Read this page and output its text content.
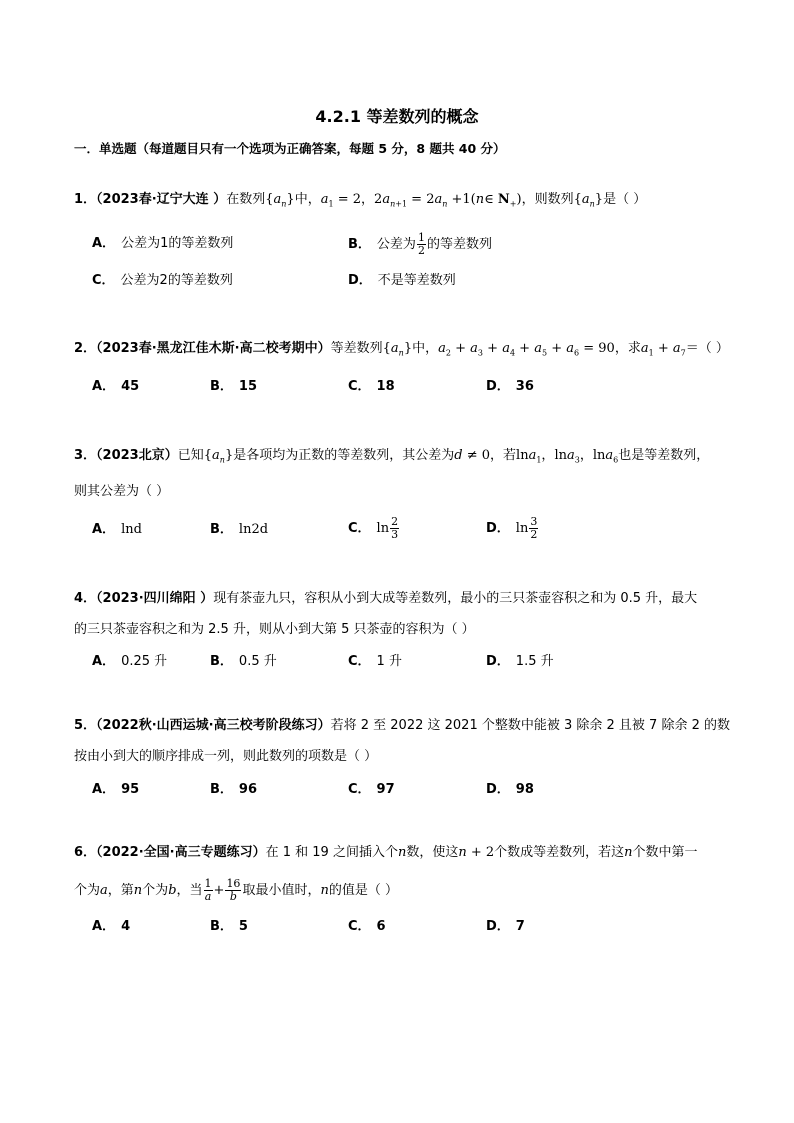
4.2.1 等差数列的概念
一．单选题（每道题目只有一个选项为正确答案，每题 5 分，8 题共 40 分）
1．（2023春·辽宁大连 ）在数列$\{a_n\}$中，$a_1 = 2$，$2a_{n+1} = 2a_n$ +1(n∈ $N_+$)，则数列$\{a_n\}$是（ ）
A． 公差为1的等差数列	B． 公差为 $\frac{1}{2}$ 的等差数列
C． 公差为2的等差数列	D． 不是等差数列
2．（2023春·黑龙江佳木斯·高二校考期中）等差数列$\{a_n\}$中，$a_2 + a_3 + a_4 + a_5 + a_6 = 90$，求$a_1 + a_7=$（ ）
A． 45	B． 15	C． 18	D． 36
3．（2023北京）已知$\{a_n\}$是各项均为正数的等差数列，其公差为d ≠ 0，若lna$_1$，lna$_3$，lna$_6$也是等差数列，
则其公差为（ ）
A． lnd	B． ln2d	C． $\ln \frac{2}{3}$	D． $\ln \frac{3}{2}$
4．（2023·四川绵阳 ）现有茶壶九只，容积从小到大成等差数列，最小的三只茶壶容积之和为 0.5 升，最大
的三只茶壶容积之和为 2.5 升，则从小到大第 5 只茶壶的容积为（ ）
A． 0.25 升	B． 0.5 升	C． 1 升	D． 1.5 升
5．（2022秋·山西运城·高三校考阶段练习）若将 2 至 2022 这 2021 个整数中能被 3 除余 2 且被 7 除余 2 的数
按由小到大的顺序排成一列，则此数列的项数是（ ）
A． 95	B． 96	C． 97	D． 98
6．（2022·全国·高三专题练习）在 1 和 19 之间插入个n数，使这n + 2个数成等差数列，若这n个数中第一
个为a，第n个为b，当 $\frac{1}{a} + \frac{16}{b}$ 取最小值时，n的值是（ ）
A． 4	B． 5	C． 6	D． 7
